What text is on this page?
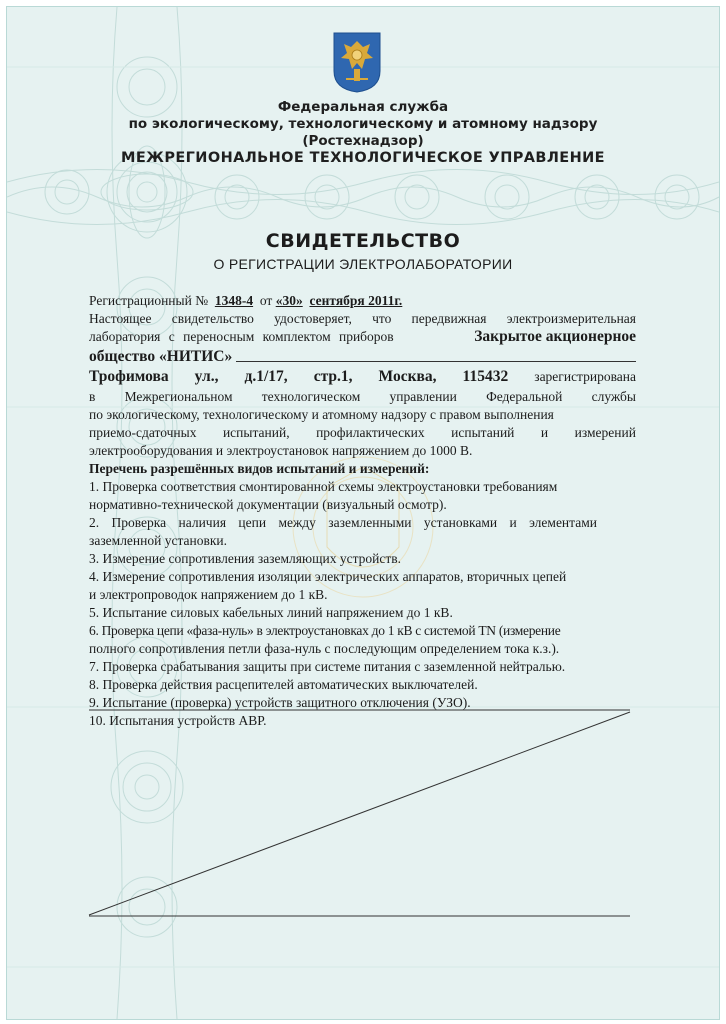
Федеральная служба
по экологическому, технологическому и атомному надзору
(Ростехнадзор)
МЕЖРЕГИОНАЛЬНОЕ ТЕХНОЛОГИЧЕСКОЕ УПРАВЛЕНИЕ
СВИДЕТЕЛЬСТВО
О РЕГИСТРАЦИИ ЭЛЕКТРОЛАБОРАТОРИИ
Регистрационный № 1348-4 от «30» сентября 2011г.
Настоящее свидетельство удостоверяет, что передвижная электроизмерительная
лаборатория с переносным комплектом приборов	Закрытое акционерное
общество «НИТИС»
Трофимова ул., д.1/17, стр.1, Москва, 115432 зарегистрирована
в Межрегиональном технологическом управлении Федеральной службы
по экологическому, технологическому и атомному надзору с правом выполнения
приемо-сдаточных испытаний, профилактических испытаний и измерений
электрооборудования и электроустановок напряжением до 1000 В.
Перечень разрешённых видов испытаний и измерений:
1. Проверка соответствия смонтированной схемы электроустановки требованиям
нормативно-технической документации (визуальный осмотр).
2. Проверка наличия цепи между заземленными установками и элементами
заземленной установки.
3. Измерение сопротивления заземляющих устройств.
4. Измерение сопротивления изоляции электрических аппаратов, вторичных цепей
и электропроводок напряжением до 1 кВ.
5. Испытание силовых кабельных линий напряжением до 1 кВ.
6. Проверка цепи «фаза-нуль» в электроустановках до 1 кВ с системой TN (измерение
полного сопротивления петли фаза-нуль с последующим определением тока к.з.).
7. Проверка срабатывания защиты при системе питания с заземленной нейтралью.
8. Проверка действия расцепителей автоматических выключателей.
9. Испытание (проверка) устройств защитного отключения (УЗО).
10. Испытания устройств АВР.
